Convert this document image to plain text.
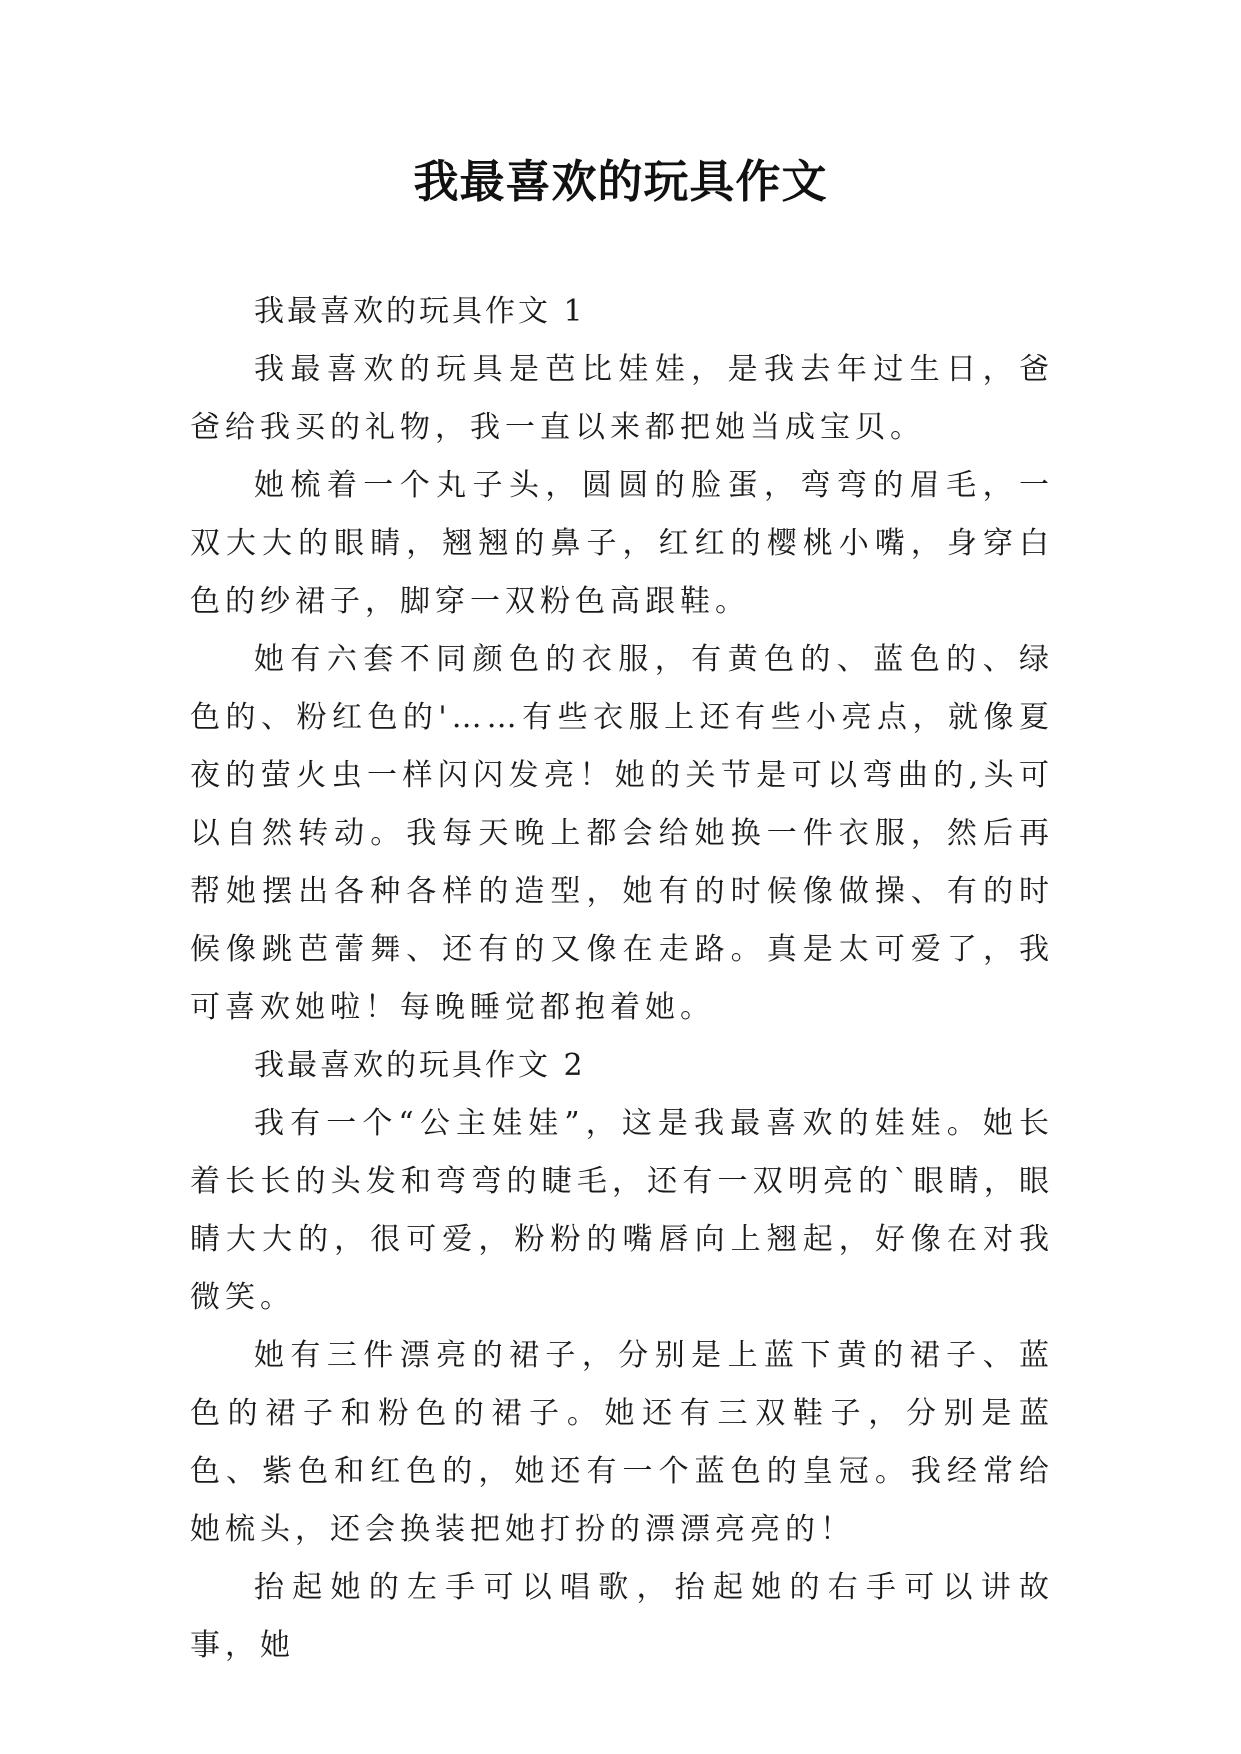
我最喜欢的玩具作文

我最喜欢的玩具作文 1

我最喜欢的玩具是芭比娃娃，是我去年过生日，爸爸给我买的礼物，我一直以来都把她当成宝贝。

她梳着一个丸子头，圆圆的脸蛋，弯弯的眉毛，一双大大的眼睛，翘翘的鼻子，红红的樱桃小嘴，身穿白色的纱裙子，脚穿一双粉色高跟鞋。

她有六套不同颜色的衣服，有黄色的、蓝色的、绿色的、粉红色的'……有些衣服上还有些小亮点，就像夏夜的萤火虫一样闪闪发亮！她的关节是可以弯曲的,头可以自然转动。我每天晚上都会给她换一件衣服，然后再帮她摆出各种各样的造型，她有的时候像做操、有的时候像跳芭蕾舞、还有的又像在走路。真是太可爱了，我可喜欢她啦！每晚睡觉都抱着她。

我最喜欢的玩具作文 2

我有一个“公主娃娃”，这是我最喜欢的娃娃。她长着长长的头发和弯弯的睫毛，还有一双明亮的`眼睛，眼睛大大的，很可爱，粉粉的嘴唇向上翘起，好像在对我微笑。

她有三件漂亮的裙子，分别是上蓝下黄的裙子、蓝色的裙子和粉色的裙子。她还有三双鞋子，分别是蓝色、紫色和红色的，她还有一个蓝色的皇冠。我经常给她梳头，还会换装把她打扮的漂漂亮亮的！

抬起她的左手可以唱歌，抬起她的右手可以讲故事，她
